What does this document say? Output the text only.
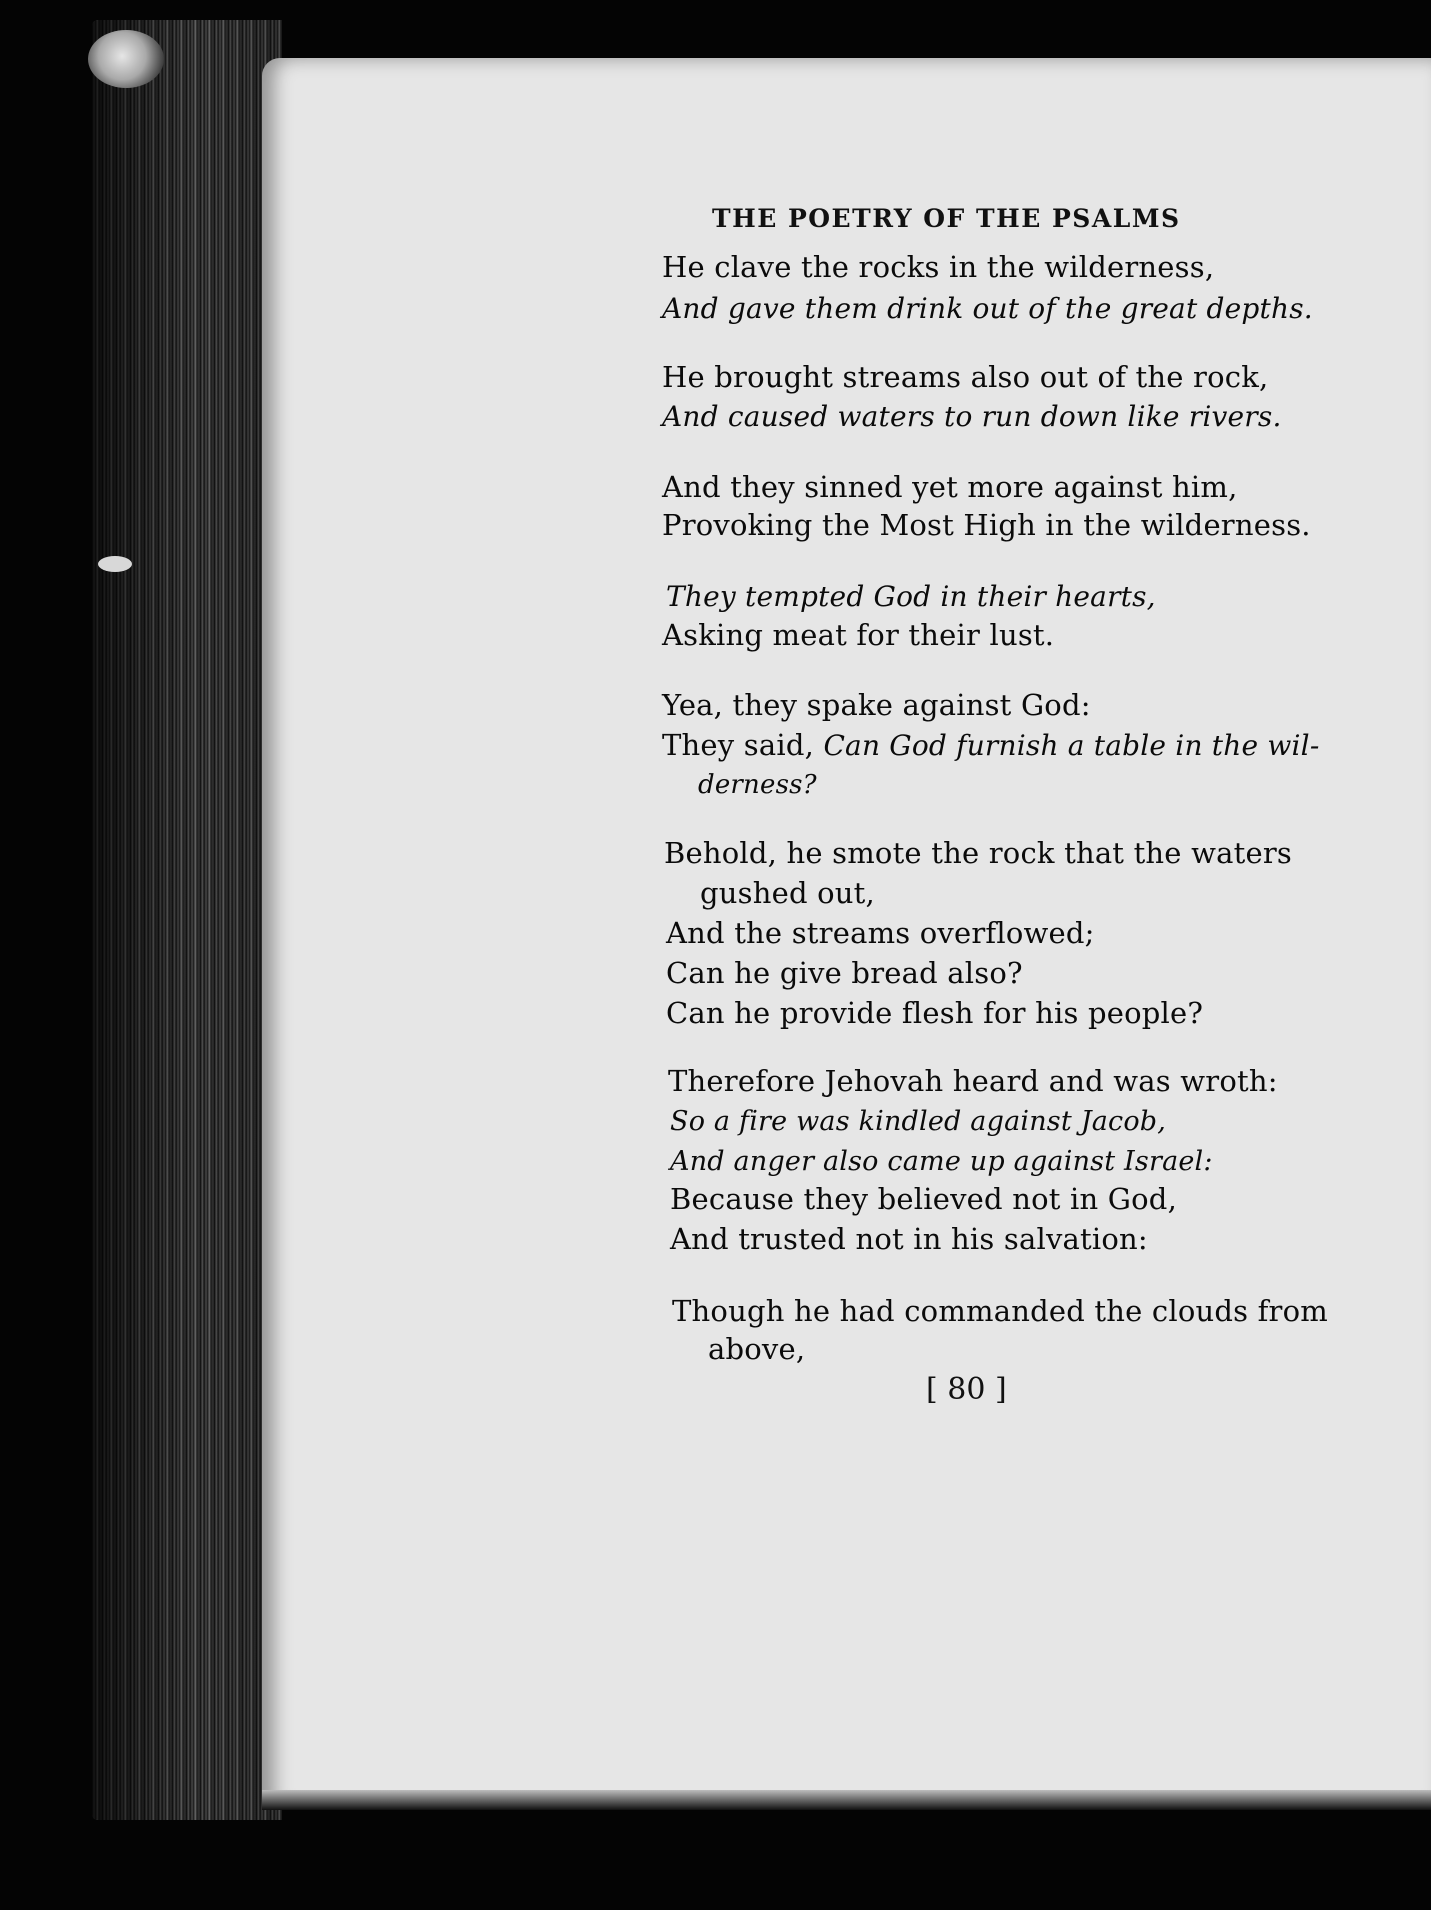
THE POETRY OF THE PSALMS
He clave the rocks in the wilderness,
And gave them drink out of the great depths.
He brought streams also out of the rock,
And caused waters to run down like rivers.
And they sinned yet more against him,
Provoking the Most High in the wilderness.
They tempted God in their hearts,
Asking meat for their lust.
Yea, they spake against God:
They said, Can God furnish a table in the wil-
derness?
Behold, he smote the rock that the waters
gushed out,
And the streams overflowed;
Can he give bread also?
Can he provide flesh for his people?
Therefore Jehovah heard and was wroth:
So a fire was kindled against Jacob,
And anger also came up against Israel:
Because they believed not in God,
And trusted not in his salvation:
Though he had commanded the clouds from
above,
[ 80 ]
